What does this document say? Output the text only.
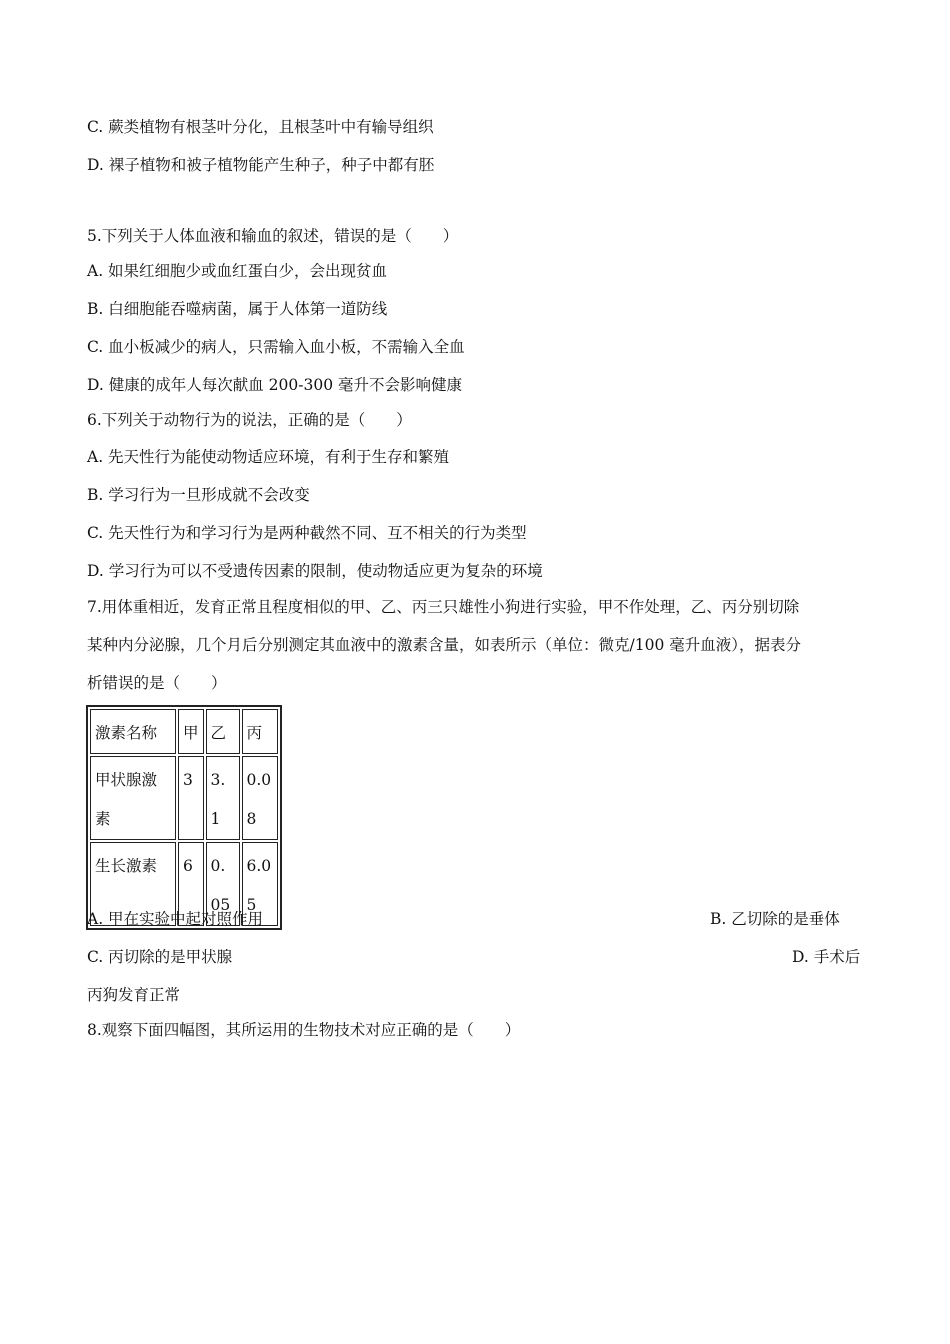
C. 蕨类植物有根茎叶分化，且根茎叶中有输导组织
D. 裸子植物和被子植物能产生种子，种子中都有胚
5.下列关于人体血液和输血的叙述，错误的是（　　）
A. 如果红细胞少或血红蛋白少，会出现贫血
B. 白细胞能吞噬病菌，属于人体第一道防线
C. 血小板减少的病人，只需输入血小板，不需输入全血
D. 健康的成年人每次献血 200-300 毫升不会影响健康
6.下列关于动物行为的说法，正确的是（　　）
A. 先天性行为能使动物适应环境，有利于生存和繁殖
B. 学习行为一旦形成就不会改变
C. 先天性行为和学习行为是两种截然不同、互不相关的行为类型
D. 学习行为可以不受遗传因素的限制，使动物适应更为复杂的环境
7.用体重相近，发育正常且程度相似的甲、乙、丙三只雄性小狗进行实验，甲不作处理，乙、丙分别切除
某种内分泌腺，几个月后分别测定其血液中的激素含量，如表所示（单位：微克/100 毫升血液），据表分
析错误的是（　　）
激素名称	甲	乙	丙
甲状腺激素	3	3.1	0.08
生长激素	6	0.05	6.05
A. 甲在实验中起对照作用	B. 乙切除的是垂体
C. 丙切除的是甲状腺	D. 手术后
丙狗发育正常
8.观察下面四幅图，其所运用的生物技术对应正确的是（　　）
